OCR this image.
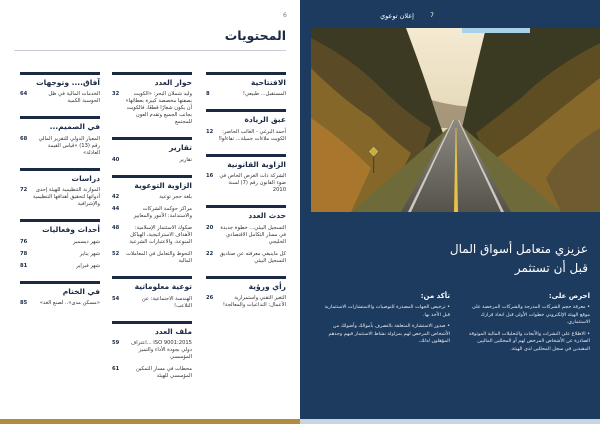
6
المحتويات
الافتتاحية
المستقبل... طبيعي!
8
عبق الريادة
أحمد البرغي - الغائب الحاضر: الكويت ملاءات جميلة... تفاءلوا!
12
الزاوية القانونية
الشركة ذات الغرض الخاص في ضوء القانون رقم (7) لسنة 2010
16
حدث العدد
التسجيل البيئي... خطوة جديدة في مسار التكامل الاقتصادي الخليجي
20
كل ماينبغي معرفته عن صناديق التسجيل البيئي
22
رأي ورؤية
التغير التقني واستمرارية الأعمال: التداعيات والمعالجة!
26
حوار العدد
وليد شملان البحر: «الكويت بصفتها مخصصة كبيرة بعطائها» أن يكون شعارًا قطعًا، فالكويت بجانب الجميع وتقدم العون للمجتمع
32
تقارير
تقارير
40
الزاوية التوعوية
بلغة حجر توعية
42
مراكز حوكمة الشركات والاستدامة: الأمور والمعايير
44
صكوك الاستثمار الإسلامية: الأهداف الاستراتيجية، الهياكل المنوعة، والاعتبارات الشرعية
48
التحوط والتعامل في المعاملات المالية
52
توعية معلوماتية
الهندسة الاجتماعية: عن التلاعب!
54
ملف العدد
ISO 9001:2015 ...اعتراف دولي بجودة الأداء والتميز المؤسسي
59
محطات في مسار التمكين المؤسسي للهيئة
61
آفاق.... وتوجهات
الخدمات المالية في ظل الحوسبة الكمية
64
في الصميم...
المعيار الدولي للتقرير المالي رقم (13) «قياس القيمة العادلة»
68
دراسات
الموازنة التنظيمية للهيئة إحدى أدواتها لتحقيق أهدافها التنظيمية والإشرافية
72
أحداث وفعاليات
شهر ديسمبر
76
شهر يناير
78
شهر فبراير
81
في الختام
«مسكن مدى».. لصنع الغد»
85
إعلان توعوي	7
عزيزي متعامل أسواق المال
قبل أن تستثمر
احرص على:
• معرفة حجم الشركات المدرجة والشركات المرخصة على موقع الهيئة الإلكتروني خطوات الأولى قبل اتخاذ قرارك الاستثماري.
• الاطلاع على النشرات والأبحاث والتحليلات المالية الموثوقة الصادرة عن الأشخاص المرخص لهم أو المحللين الماليين المقيدين في سجل المحللين لدى الهيئة.
تأكد من:
• ترخيص الجهات المصدرة للتوصيات والاستشارات الاستثمارية قبل الأخذ بها.
• صدور الاستشارة المتعلقة بالتصرف بأموالك وأصولك من الأشخاص المرخص لهم بمزاولة نشاط الاستثمار فيهم وحدهم المؤهلون لذلك.
